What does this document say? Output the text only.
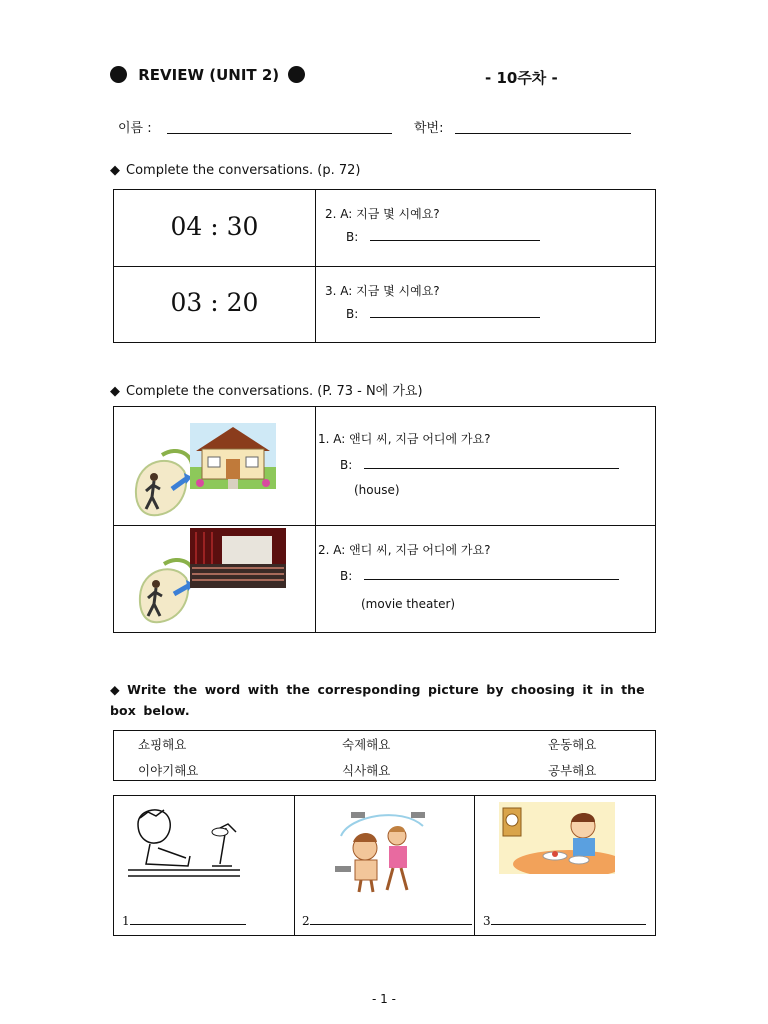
REVIEW (UNIT 2)	- 10주차 -
이름 :	학번:
◆ Complete the conversations. (p. 72)
04 : 30	2. A: 지금 몇 시예요?
B:

03 : 20	3. A: 지금 몇 시예요?
B:
◆ Complete the conversations. (P. 73 - N에 가요)

1. A: 앤디 씨, 지금 어디에 가요?
B:
(house)

2. A: 앤디 씨, 지금 어디에 가요?
B:
(movie theater)
◆ Write the word with the corresponding picture by choosing it in the box below.
쇼핑해요	숙제해요	운동해요
이야기해요	식사해요	공부해요
1	2	3
- 1 -
